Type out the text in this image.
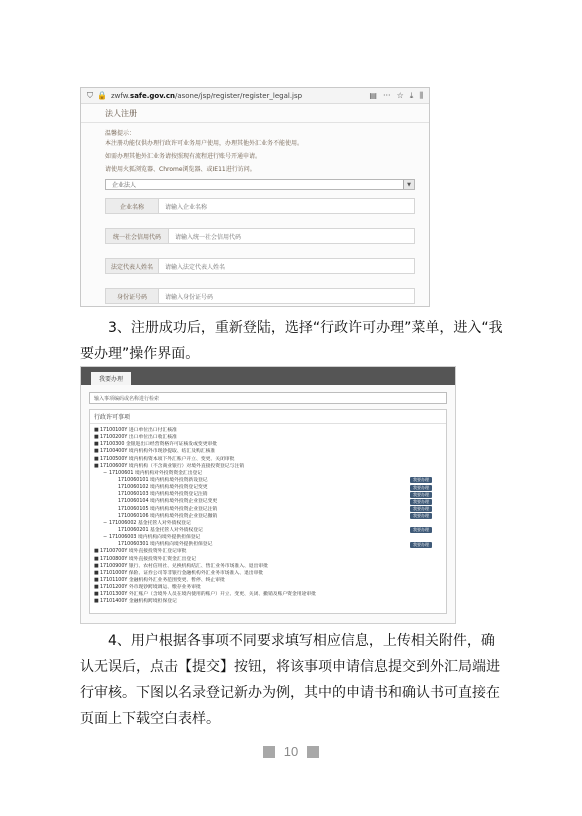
⛉ 🔒 zwfw.safe.gov.cn/asone/jsp/register/register_legal.jsp	▤ ··· ☆ ⤓ ⫼
法人注册
温馨提示：
本注册功能仅供办理行政许可业务用户使用，办理其他外汇业务不能使用。
如需办理其他外汇业务请按照现有流程进行账号开通申请。
请使用火狐浏览器、Chrome浏览器、或IE11进行访问。
企业法人	▼
企业名称	请输入企业名称
统一社会信用代码	请输入统一社会信用代码
法定代表人姓名	请输入法定代表人姓名
身份证号码	请输入身份证号码
3、注册成功后，重新登陆，选择“行政许可办理”菜单，进入“我要办理”操作界面。
我要办理
输入事项编码或名称进行检索
行政许可事项
■17100100Y 进口单位出口付汇核准
■17100200Y 出口单位出口收汇核准
■17100300 金银进出口经营资格许可证核发或变更审批
■17100400Y 境内机构外币现钞提取、结汇及购汇核准
■17100500Y 境内机构资本项下外汇账户开立、变更、关闭审批
■17100600Y 境内机构（不含商业银行）对境外直接投资登记与注销
− 17100601 境内机构对外投资资金汇出登记
1710060101 境内机构境外投资新设登记	我要办理
1710060102 境内机构境外投资登记变更	我要办理
1710060103 境内机构境外投资登记注销	我要办理
1710060104 境内机构境外投资企业登记变更	我要办理
1710060105 境内机构境外投资企业登记注销	我要办理
1710060106 境内机构境外投资企业登记撤销	我要办理
− 171006002 基金托管人对外债权登记
1710060201 基金托管人对外债权登记	我要办理
− 171006003 境内机构向境外提供担保登记
1710060301 境内机构向境外提供担保登记	我要办理
■17100700Y 境外直接投资外汇登记审批
■17100800Y 境外直接投资外汇资金汇出登记
■17100900Y 银行、农村信用社、兑换机构结汇、售汇业务市场准入、退出审批
■17101000Y 保险、证券公司等非银行金融机构外汇业务市场准入、退出审批
■17101100Y 金融机构外汇业务范围变更、暂停、终止审批
■17101200Y 外币现钞跨境调运、缴存业务审批
■17101300Y 外汇账户（含境外人员在境内使用的账户）开立、变更、关闭、撤销及账户资金用途审批
■17101400Y 金融机构跨境担保登记
4、用户根据各事项不同要求填写相应信息，上传相关附件，确认无误后，点击【提交】按钮，将该事项申请信息提交到外汇局端进行审核。下图以名录登记新办为例，其中的申请书和确认书可直接在页面上下载空白表样。
10
